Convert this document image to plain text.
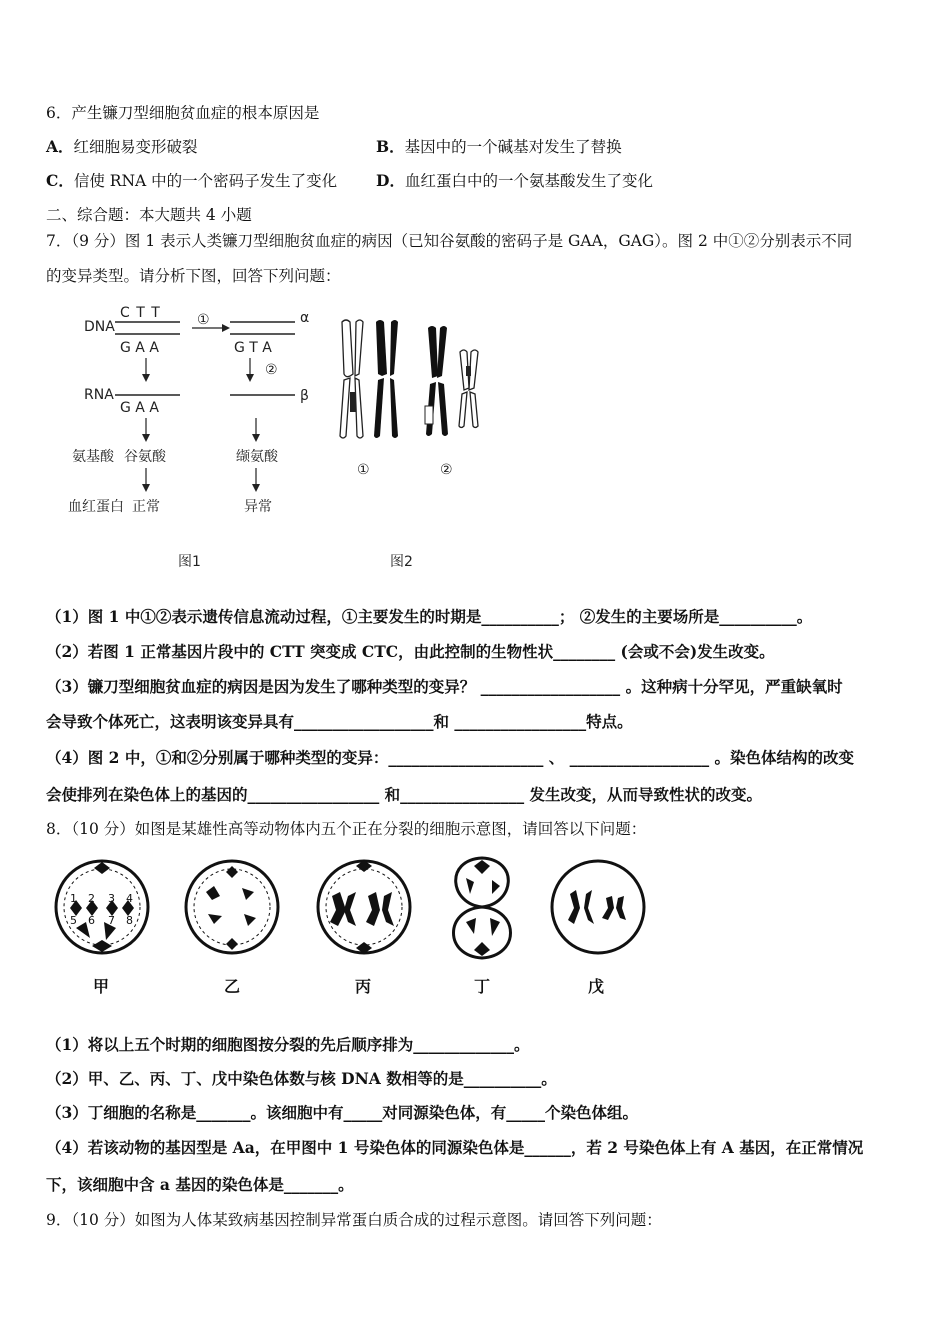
6．产生镰刀型细胞贫血症的根本原因是
A．红细胞易变形破裂	B．基因中的一个碱基对发生了替换
C．信使 RNA 中的一个密码子发生了变化	D．血红蛋白中的一个氨基酸发生了变化
二、综合题：本大题共 4 小题
7．（9 分）图 1 表示人类镰刀型细胞贫血症的病因（已知谷氨酸的密码子是 GAA，GAG）。图 2 中①②分别表示不同
的变异类型。请分析下图，回答下列问题：
DNA
C T T
G A A
①	α
G T A
②
RNA
G A A
β
氨基酸 谷氨酸	缬氨酸
血红蛋白 正常	异常
图1
①	②
图2
（1）图 1 中①②表示遗传信息流动过程，①主要发生的时期是__________； ②发生的主要场所是__________。
（2）若图 1 正常基因片段中的 CTT 突变成 CTC，由此控制的生物性状________ (会或不会)发生改变。
（3）镰刀型细胞贫血症的病因是因为发生了哪种类型的变异？ __________________ 。这种病十分罕见，严重缺氧时
会导致个体死亡，这表明该变异具有__________________和 _________________特点。
（4）图 2 中，①和②分别属于哪种类型的变异：____________________ 、 __________________ 。染色体结构的改变
会使排列在染色体上的基因的_________________ 和________________ 发生改变，从而导致性状的改变。
8．（10 分）如图是某雄性高等动物体内五个正在分裂的细胞示意图，请回答以下问题：
1
5
2
6
3
7
4
8
甲	乙	丙	丁	戊
（1）将以上五个时期的细胞图按分裂的先后顺序排为_____________。
（2）甲、乙、丙、丁、戊中染色体数与核 DNA 数相等的是__________。
（3）丁细胞的名称是_______。该细胞中有_____对同源染色体，有_____个染色体组。
（4）若该动物的基因型是 Aa，在甲图中 1 号染色体的同源染色体是______，若 2 号染色体上有 A 基因，在正常情况
下，该细胞中含 a 基因的染色体是_______。
9．（10 分）如图为人体某致病基因控制异常蛋白质合成的过程示意图。请回答下列问题：
